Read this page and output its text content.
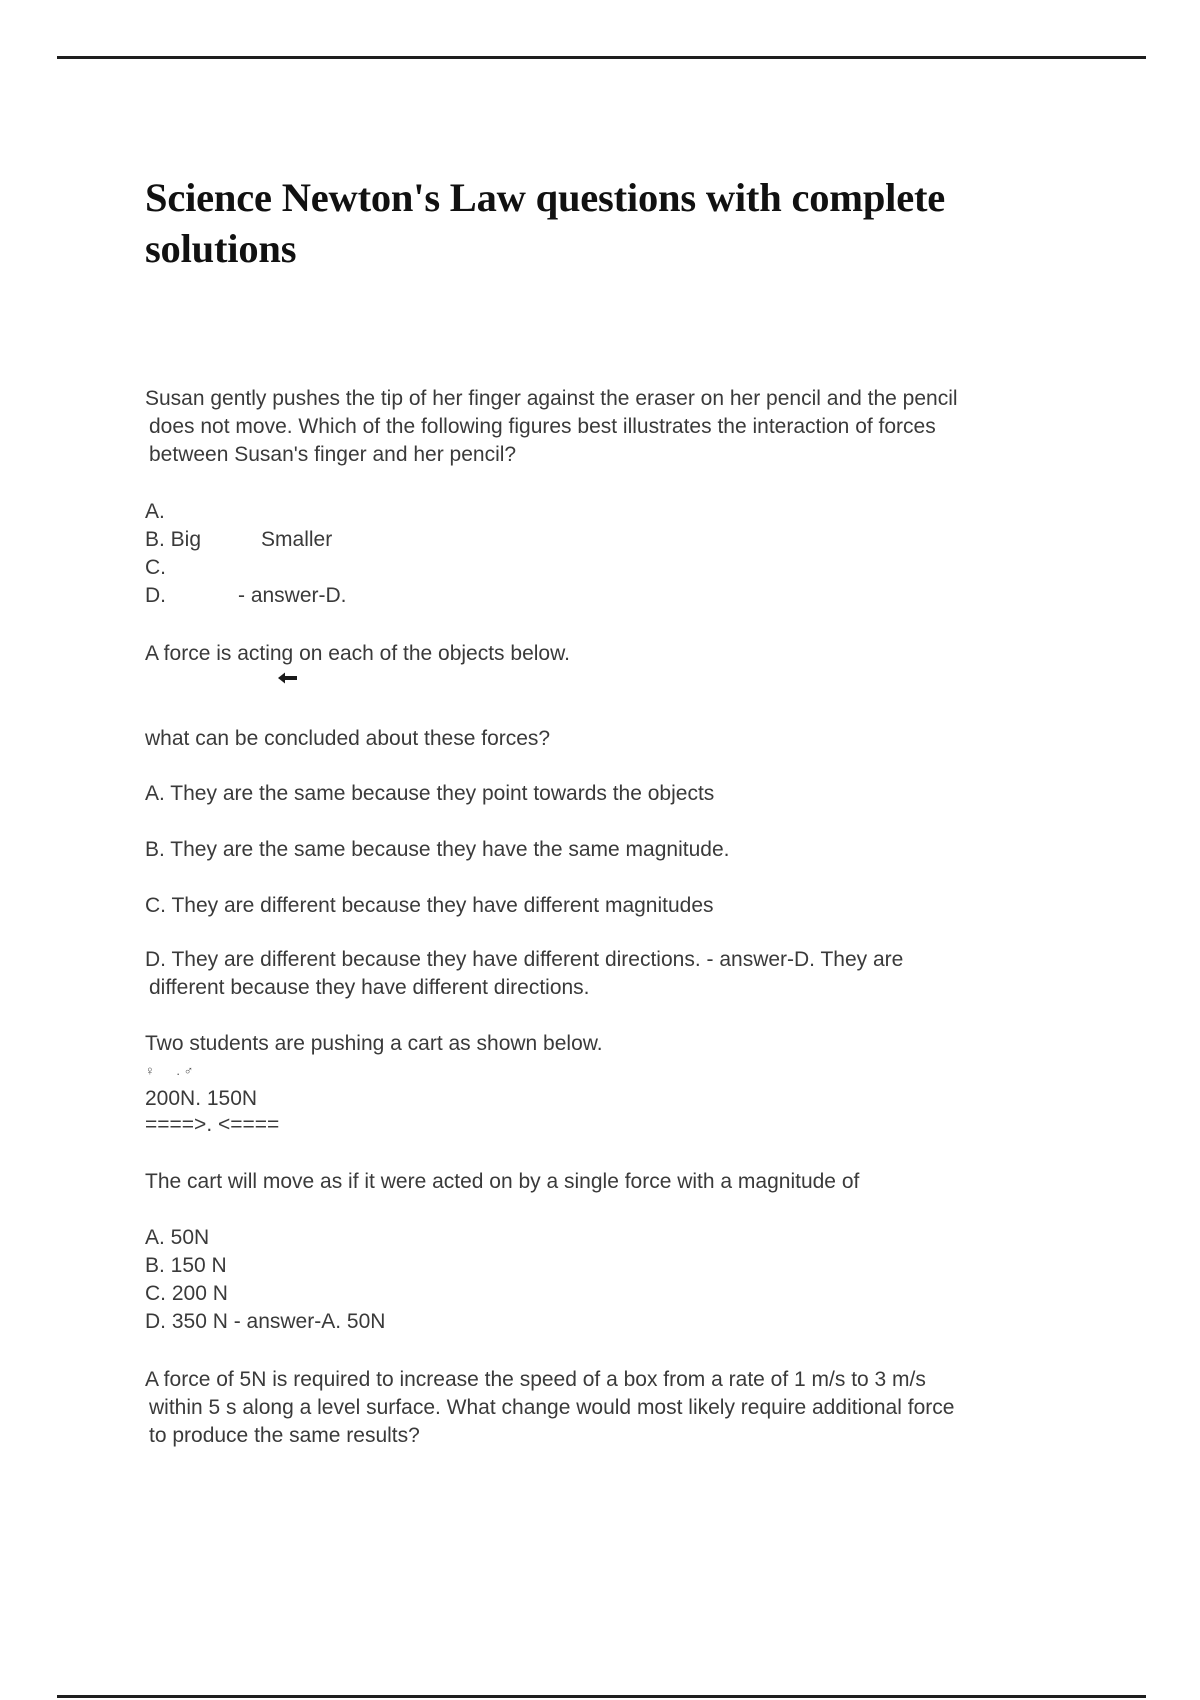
Science Newton's Law questions with complete
solutions
Susan gently pushes the tip of her finger against the eraser on her pencil and the pencil
does not move. Which of the following figures best illustrates the interaction of forces
between Susan's finger and her pencil?
A.
B. Big	Smaller
C.
D.	- answer-D.
A force is acting on each of the objects below.
what can be concluded about these forces?
A. They are the same because they point towards the objects
B. They are the same because they have the same magnitude.
C. They are different because they have different magnitudes
D. They are different because they have different directions. - answer-D. They are
different because they have different directions.
Two students are pushing a cart as shown below.
♀      . ♂
200N. 150N
====>. <====
The cart will move as if it were acted on by a single force with a magnitude of
A. 50N
B. 150 N
C. 200 N
D. 350 N - answer-A. 50N
A force of 5N is required to increase the speed of a box from a rate of 1 m/s to 3 m/s
within 5 s along a level surface. What change would most likely require additional force
to produce the same results?
